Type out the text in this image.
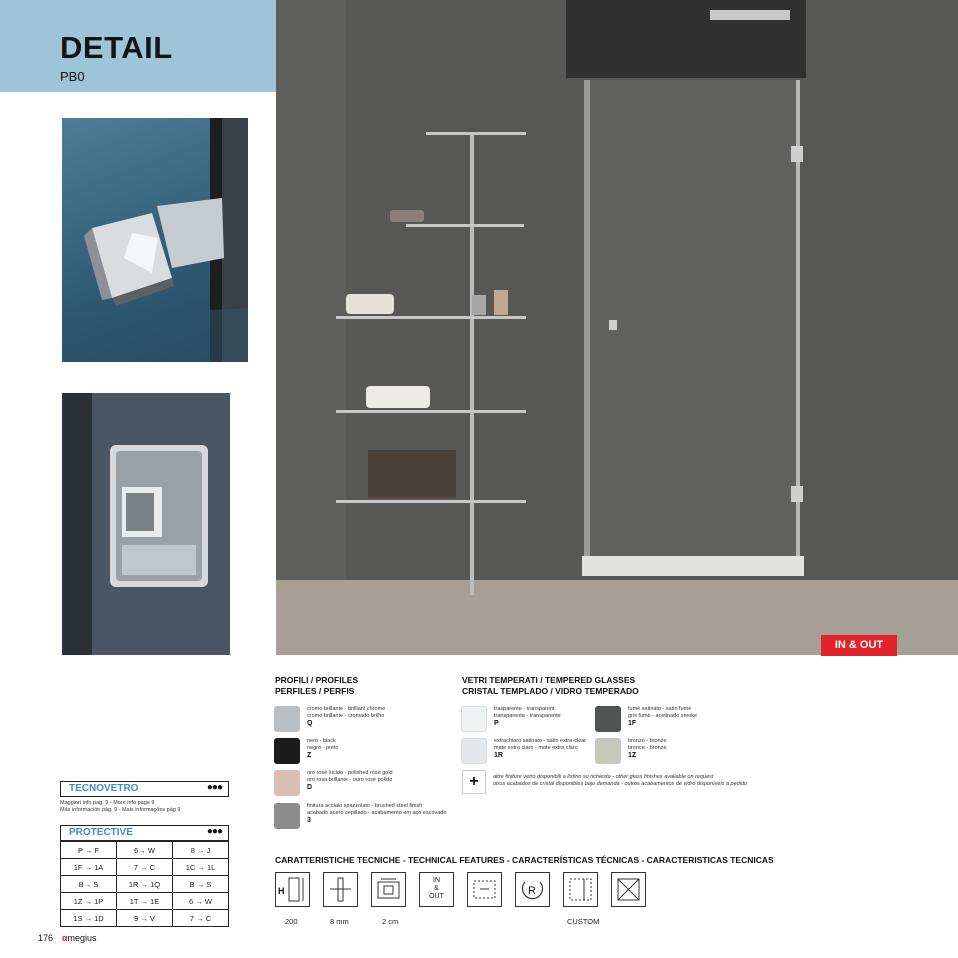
DETAIL
PB0
IN & OUT
TECNOVETRO	●●●
Maggiori info pag. 9 - More info page 9
Más información pág. 9 - Mais informações pág 9
PROTECTIVE	●●●
P → F	6→ W	8 → J
1F → 1A	7 → C	1C → 1L
B→ S	1R → 1Q	B → S
1Z → 1P	1T → 1E	6 → W
1S → 1D	9 → V	7 → C
176 αmegius
PROFILI / PROFILES
PERFILES / PERFIS
cromo brillante - brilliant chrome
cromo brillante - cromado brilho
Q
nero - black
negro - preto
Z
oro rosè lucido - polished rosè gold
oro rosa brillante - ouro rosè polido
D
finitura acciaio spazzolato - brushed steel finish
acabado acero cepillado - acabamento em aço escovado
3
VETRI TEMPERATI / TEMPERED GLASSES
CRISTAL TEMPLADO / VIDRO TEMPERADO
trasparente - transparent
transparente - transparente
P
fumè satinato - satin fumè
gris fumè - acetinado smoke
1F
extrachiaro satinato - satin extra-clear
mate extra claro - mate extra claro
1R
bronzo - bronze
bronce - bronze
1Z
+	altre finiture vetro disponibili a listino su richiesta - other glass finishes available on request
otros acabados de cristal disponibles bajo demanda - outros acabamentos de vidro disponíveis a pedido
CARATTERISTICHE TECNICHE - TECHNICAL FEATURES - CARACTERÍSTICAS TÉCNICAS - CARACTERISTICAS TECNICAS
H
IN
&
OUT	R
200	8 mm	2 cm	CUSTOM
